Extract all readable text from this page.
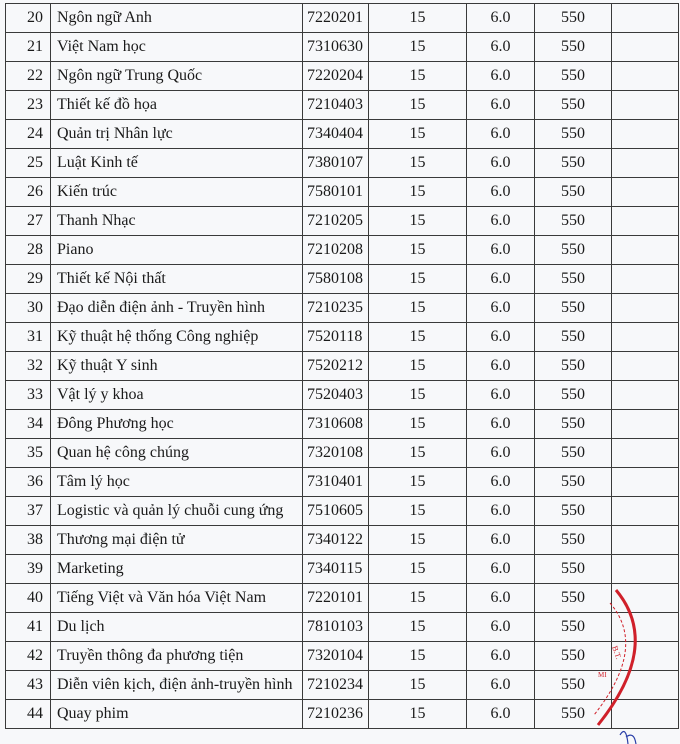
20	Ngôn ngữ Anh	7220201	15	6.0	550	
21	Việt Nam học	7310630	15	6.0	550	
22	Ngôn ngữ Trung Quốc	7220204	15	6.0	550	
23	Thiết kế đồ họa	7210403	15	6.0	550	
24	Quản trị Nhân lực	7340404	15	6.0	550	
25	Luật Kinh tế	7380107	15	6.0	550	
26	Kiến trúc	7580101	15	6.0	550	
27	Thanh Nhạc	7210205	15	6.0	550	
28	Piano	7210208	15	6.0	550	
29	Thiết kế Nội thất	7580108	15	6.0	550	
30	Đạo diễn điện ảnh - Truyền hình	7210235	15	6.0	550	
31	Kỹ thuật hệ thống Công nghiệp	7520118	15	6.0	550	
32	Kỹ thuật Y sinh	7520212	15	6.0	550	
33	Vật lý y khoa	7520403	15	6.0	550	
34	Đông Phương học	7310608	15	6.0	550	
35	Quan hệ công chúng	7320108	15	6.0	550	
36	Tâm lý học	7310401	15	6.0	550	
37	Logistic và quản lý chuỗi cung ứng	7510605	15	6.0	550	
38	Thương mại điện tử	7340122	15	6.0	550	
39	Marketing	7340115	15	6.0	550	
40	Tiếng Việt và Văn hóa Việt Nam	7220101	15	6.0	550	
41	Du lịch	7810103	15	6.0	550	
42	Truyền thông đa phương tiện	7320104	15	6.0	550	
43	Diễn viên kịch, điện ảnh-truyền hình	7210234	15	6.0	550	
44	Quay phim	7210236	15	6.0	550	
B.T.
MI
